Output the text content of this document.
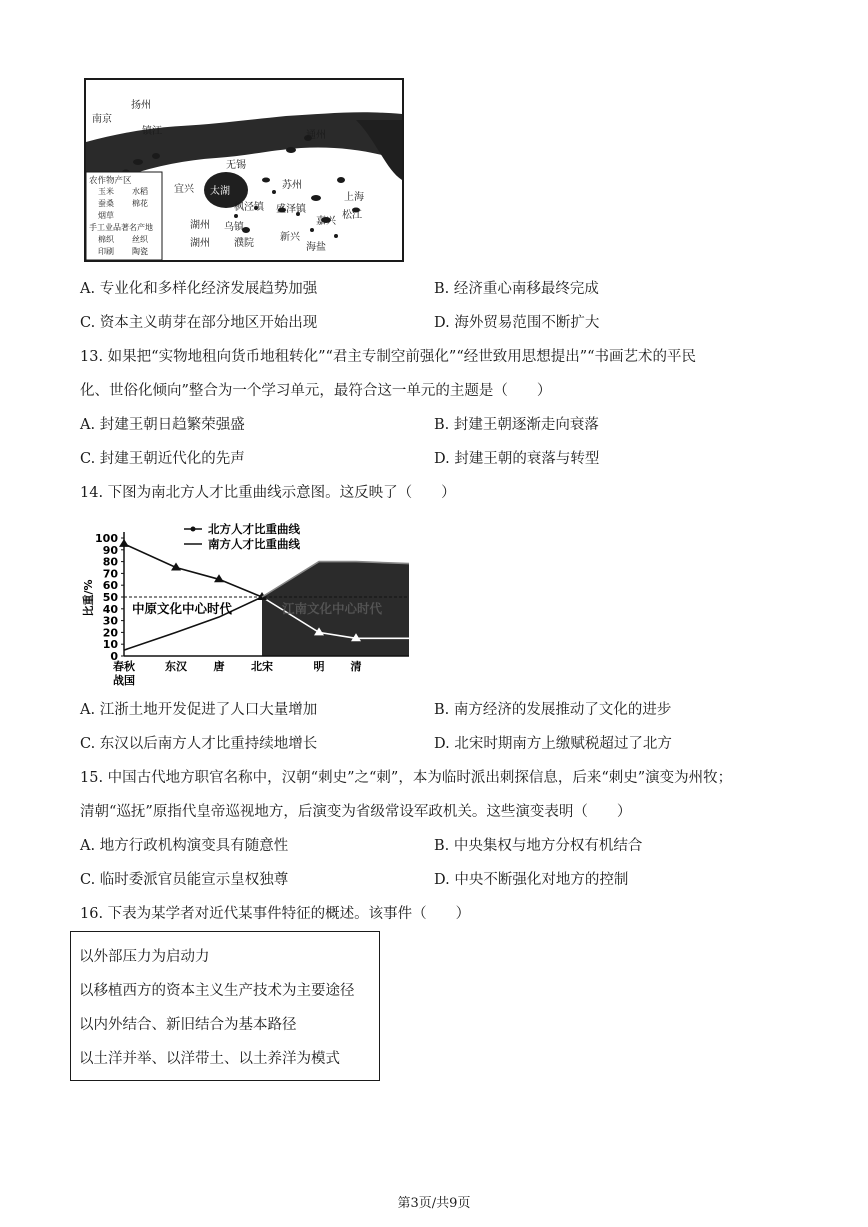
扬州
南京
镇江	通州
无锡
宜兴 太湖
苏州
上海
枫泾镇 盛泽镇
湖州 乌镇
松江
嘉兴
湖州 濮院
新兴
海盐
农作物产区
玉米 水稻
蚕桑 棉花
烟草
手工业品著名产地
棉织 丝织
印刷 陶瓷
A. 专业化和多样化经济发展趋势加强	B. 经济重心南移最终完成
C. 资本主义萌芽在部分地区开始出现	D. 海外贸易范围不断扩大
13. 如果把“实物地租向货币地租转化”“君主专制空前强化”“经世致用思想提出”“书画艺术的平民
化、世俗化倾向”整合为一个学习单元，最符合这一单元的主题是（　　）
A. 封建王朝日趋繁荣强盛	B. 封建王朝逐渐走向衰落
C. 封建王朝近代化的先声	D. 封建王朝的衰落与转型
14. 下图为南北方人才比重曲线示意图。这反映了（　　）
0
10
20
30
40
50
60
70
80
90
100
比重/%
春秋
战国
东汉 唐 北宋	明 清
中原文化中心时代	江南文化中心时代
北方人才比重曲线
南方人才比重曲线
A. 江浙土地开发促进了人口大量增加	B. 南方经济的发展推动了文化的进步
C. 东汉以后南方人才比重持续地增长	D. 北宋时期南方上缴赋税超过了北方
15. 中国古代地方职官名称中，汉朝“刺史”之“刺”，本为临时派出刺探信息，后来“刺史”演变为州牧；
清朝“巡抚”原指代皇帝巡视地方，后演变为省级常设军政机关。这些演变表明（　　）
A. 地方行政机构演变具有随意性	B. 中央集权与地方分权有机结合
C. 临时委派官员能宣示皇权独尊	D. 中央不断强化对地方的控制
16. 下表为某学者对近代某事件特征的概述。该事件（　　）
以外部压力为启动力
以移植西方的资本主义生产技术为主要途径
以内外结合、新旧结合为基本路径
以土洋并举、以洋带土、以土养洋为模式
第3页/共9页
